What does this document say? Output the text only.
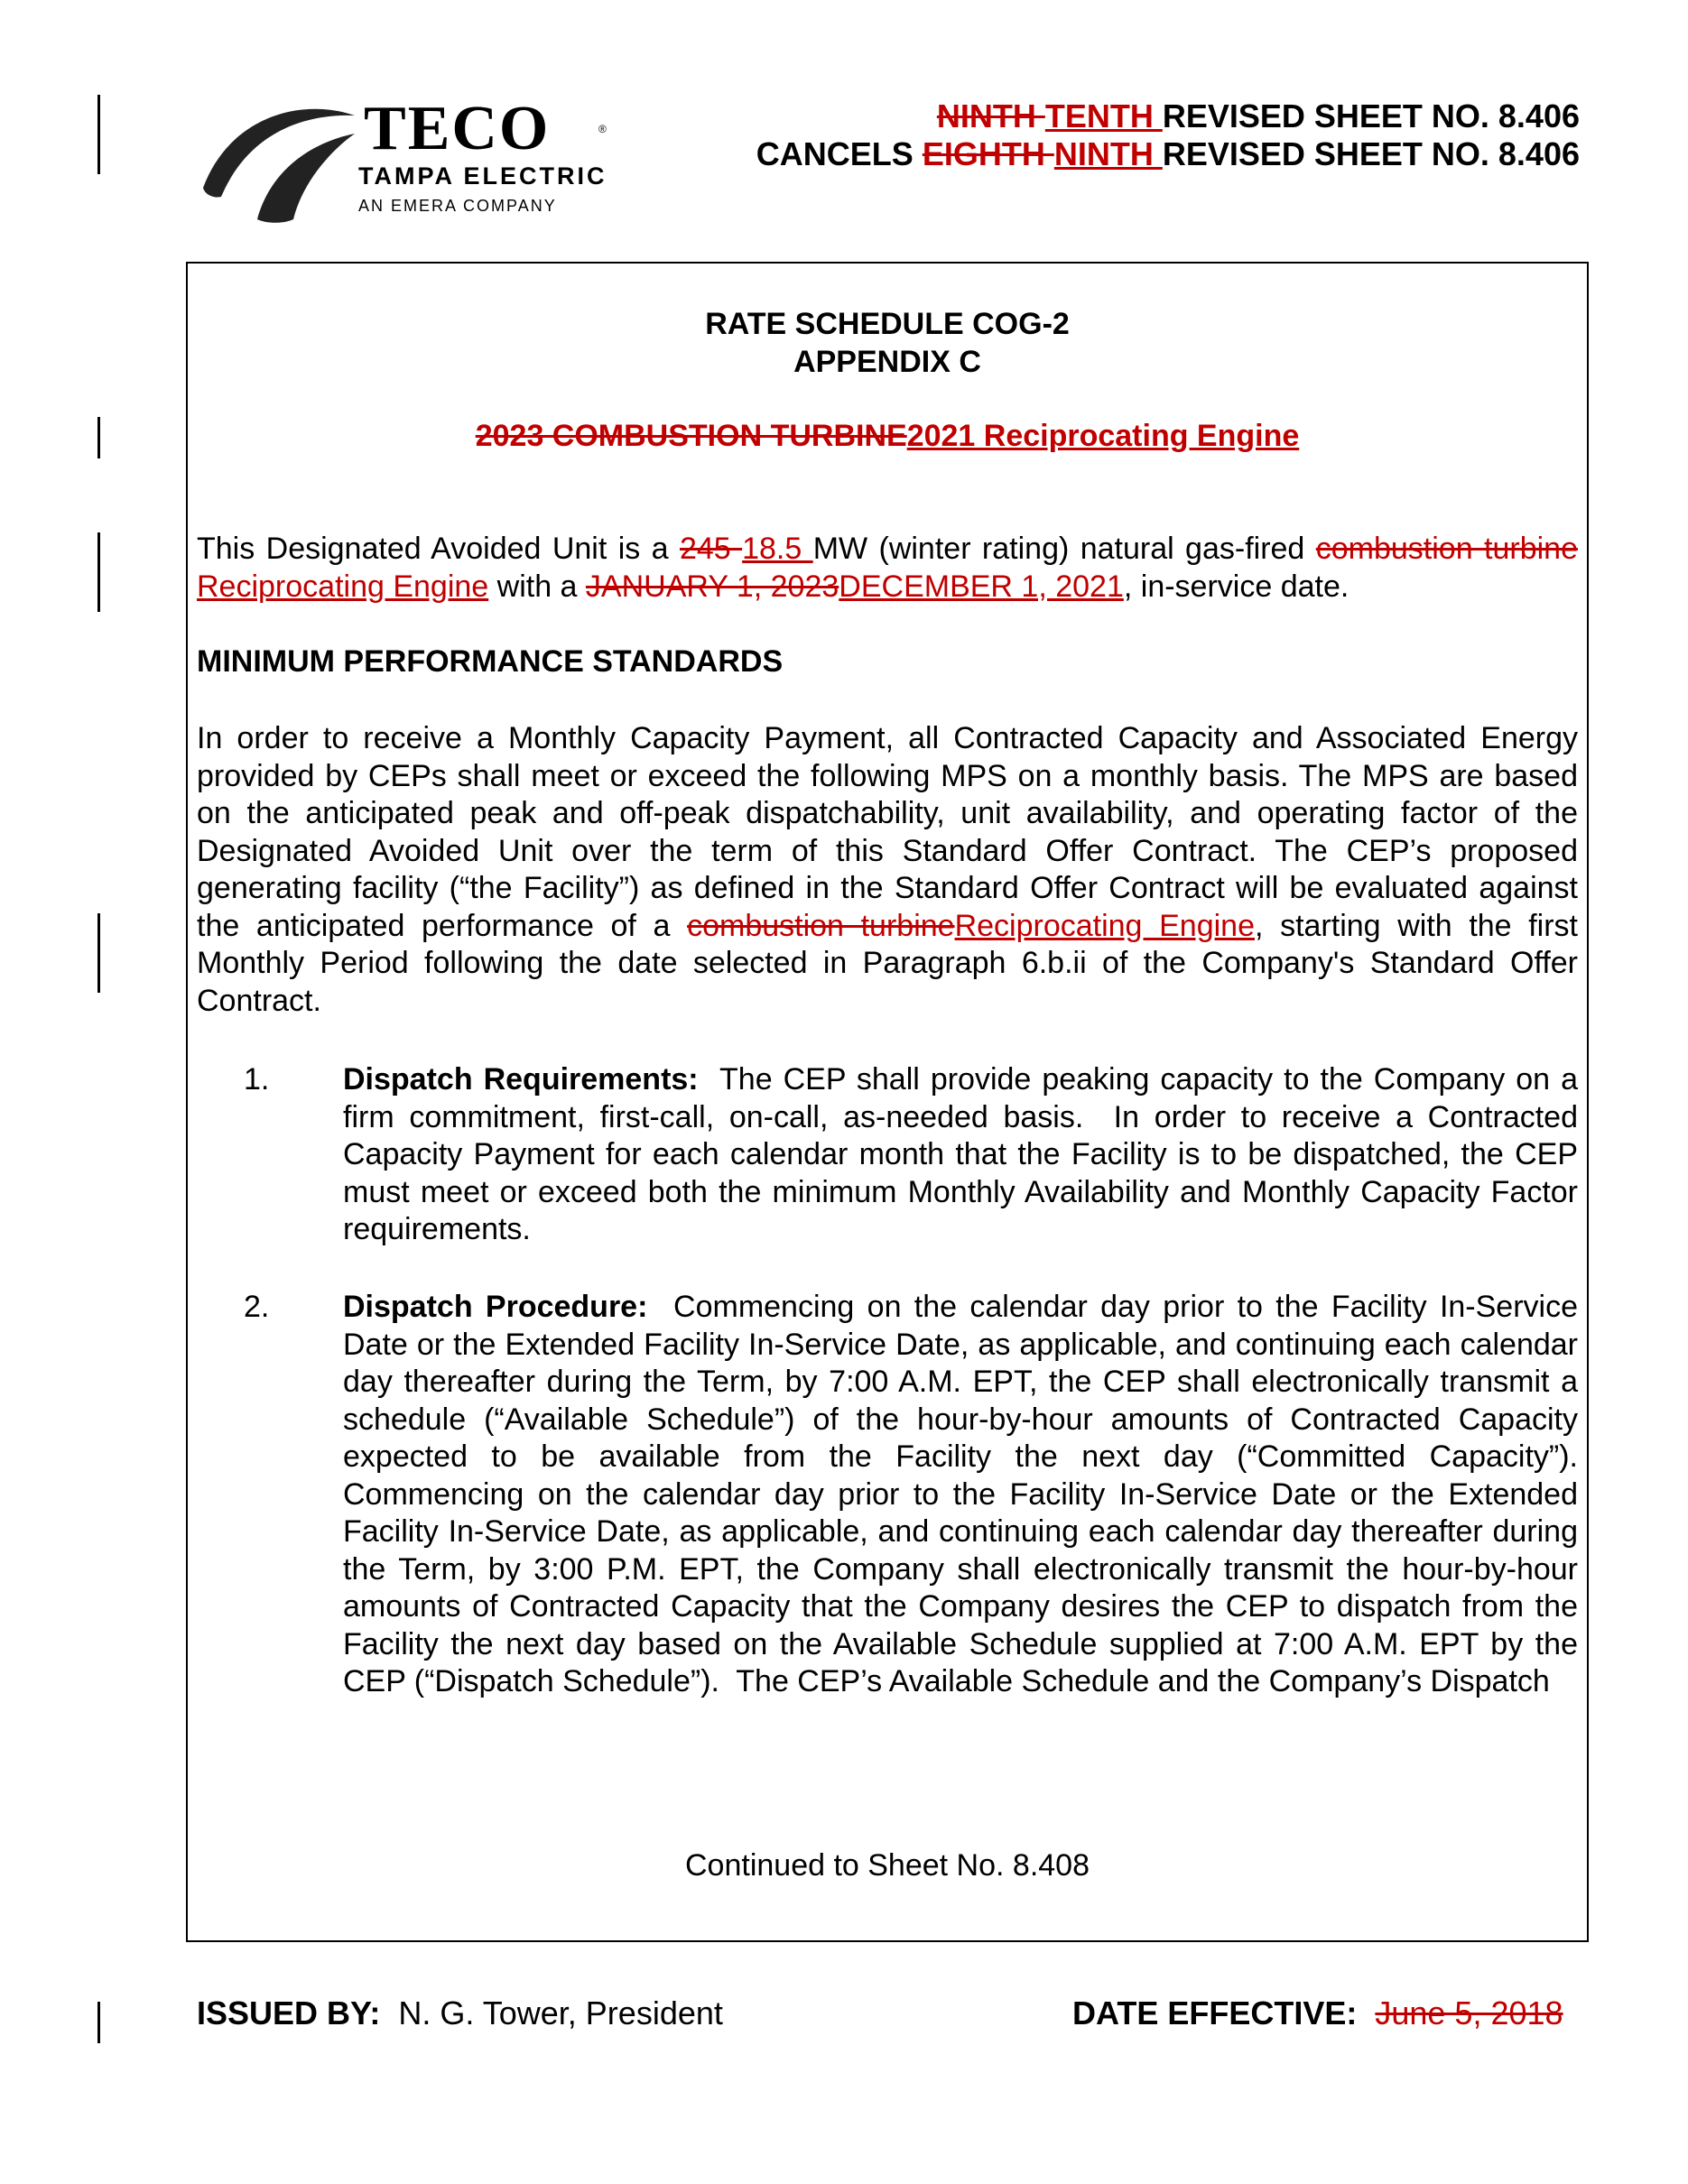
TECO	®
TAMPA ELECTRIC
AN EMERA COMPANY
NINTH TENTH REVISED SHEET NO. 8.406
CANCELS EIGHTH NINTH REVISED SHEET NO. 8.406
RATE SCHEDULE COG-2
APPENDIX C
2023 COMBUSTION TURBINE2021 Reciprocating Engine
This Designated Avoided Unit is a 245 18.5 MW (winter rating) natural gas-fired combustion turbine Reciprocating Engine with a JANUARY 1, 2023DECEMBER 1, 2021, in-service date.
MINIMUM PERFORMANCE STANDARDS
In order to receive a Monthly Capacity Payment, all Contracted Capacity and Associated Energy provided by CEPs shall meet or exceed the following MPS on a monthly basis. The MPS are based on the anticipated peak and off-peak dispatchability, unit availability, and operating factor of the Designated Avoided Unit over the term of this Standard Offer Contract. The CEP’s proposed generating facility (“the Facility”) as defined in the Standard Offer Contract will be evaluated against the anticipated performance of a combustion turbineReciprocating Engine, starting with the first Monthly Period following the date selected in Paragraph 6.b.ii of the Company's Standard Offer Contract.
1. Dispatch Requirements:  The CEP shall provide peaking capacity to the Company on a firm commitment, first-call, on-call, as-needed basis.  In order to receive a Contracted Capacity Payment for each calendar month that the Facility is to be dispatched, the CEP must meet or exceed both the minimum Monthly Availability and Monthly Capacity Factor requirements.
2. Dispatch Procedure:  Commencing on the calendar day prior to the Facility In-Service Date or the Extended Facility In-Service Date, as applicable, and continuing each calendar day thereafter during the Term, by 7:00 A.M. EPT, the CEP shall electronically transmit a schedule (“Available Schedule”) of the hour-by-hour amounts of Contracted Capacity expected to be available from the Facility the next day (“Committed Capacity”).  Commencing on the calendar day prior to the Facility In-Service Date or the Extended Facility In-Service Date, as applicable, and continuing each calendar day thereafter during the Term, by 3:00 P.M. EPT, the Company shall electronically transmit the hour-by-hour amounts of Contracted Capacity that the Company desires the CEP to dispatch from the Facility the next day based on the Available Schedule supplied at 7:00 A.M. EPT by the CEP (“Dispatch Schedule”).  The CEP’s Available Schedule and the Company’s Dispatch
Continued to Sheet No. 8.408
ISSUED BY: N. G. Tower, President	DATE EFFECTIVE: June 5, 2018
